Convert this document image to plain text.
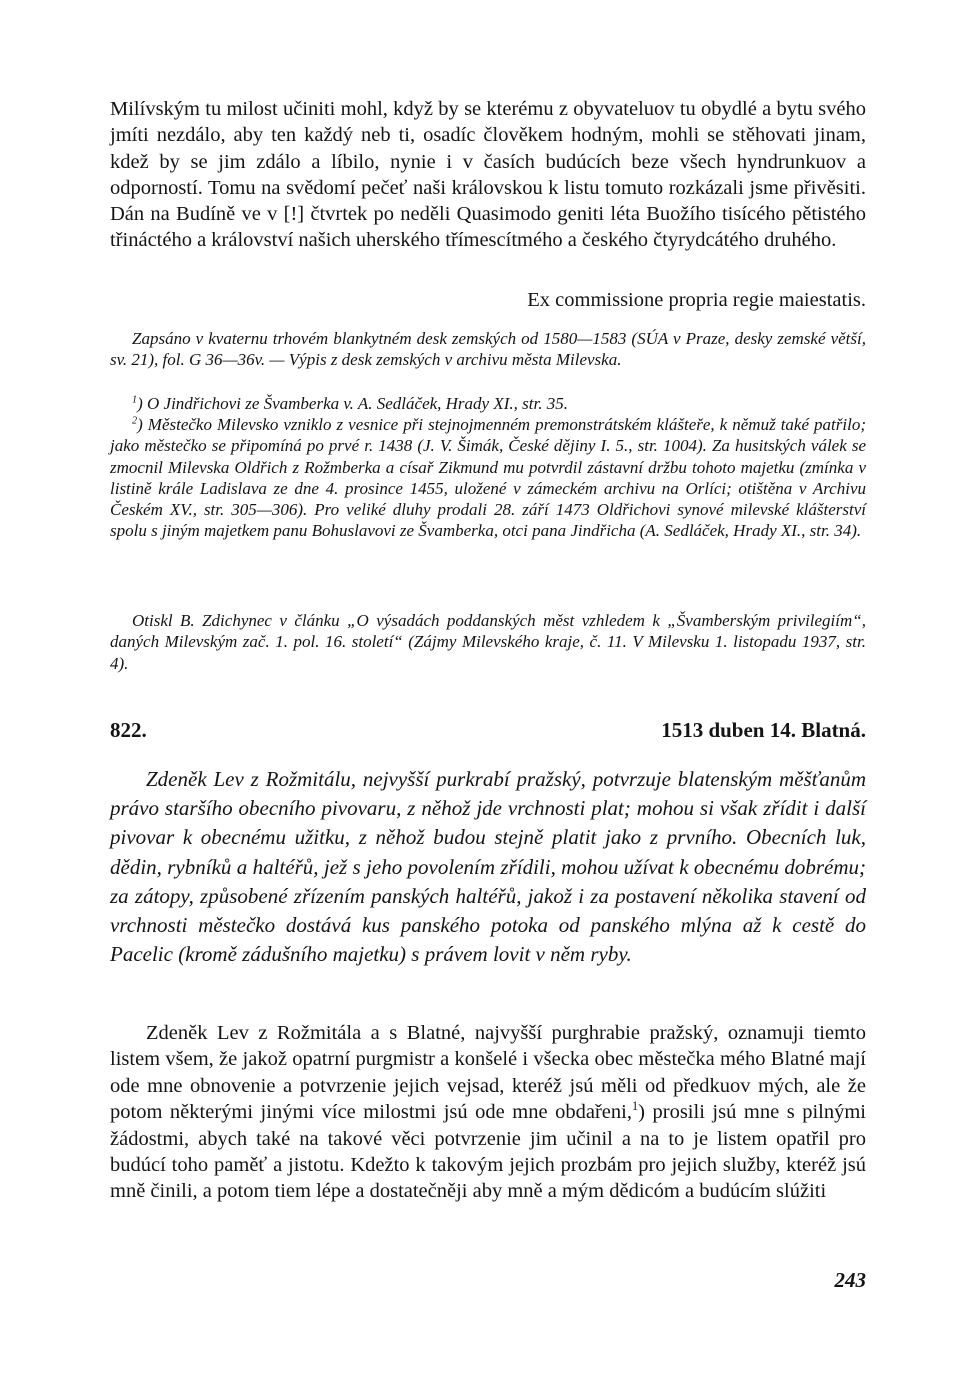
Milívským tu milost učiniti mohl, když by se kterému z obyvateluov tu obydlé a bytu svého jmíti nezdálo, aby ten každý neb ti, osadíc člověkem hodným, mohli se stěhovati jinam, kdež by se jim zdálo a líbilo, nynie i v časích budúcích beze všech hyndrunkuov a odporností. Tomu na svědomí pečeť naši královskou k listu tomuto rozkázali jsme přivěsiti. Dán na Budíně ve v [!] čtvrtek po neděli Quasimodo geniti léta Buožího tisícého pětistého třináctého a království našich uherského třímescítmého a českého čtyrydcátého druhého.
Ex commissione propria regie maiestatis.
Zapsáno v kvaternu trhovém blankytném desk zemských od 1580—1583 (SÚA v Praze, desky zemské větší, sv. 21), fol. G 36—36v. — Výpis z desk zemských v archivu města Milevska.
$^1$) O Jindřichovi ze Švamberka v. A. Sedláček, Hrady XI., str. 35.
$^2$) Městečko Milevsko vzniklo z vesnice při stejnojmenném premonstrátském klášteře, k němuž také patřilo; jako městečko se připomíná po prvé r. 1438 (J. V. Šimák, České dějiny I. 5., str. 1004). Za husitských válek se zmocnil Milevska Oldřich z Rožmberka a císař Zikmund mu potvrdil zástavní držbu tohoto majetku (zmínka v listině krále Ladislava ze dne 4. prosince 1455, uložené v zámeckém archivu na Orlíci; otištěna v Archivu Českém XV., str. 305—306). Pro veliké dluhy prodali 28. září 1473 Oldřichovi synové milevské klášterství spolu s jiným majetkem panu Bohuslavovi ze Švamberka, otci pana Jindřicha (A. Sedláček, Hrady XI., str. 34).
Otiskl B. Zdichynec v článku „O výsadách poddanských měst vzhledem k „Švamberským privilegiím“, daných Milevským zač. 1. pol. 16. století“ (Zájmy Milevského kraje, č. 11. V Milevsku 1. listopadu 1937, str. 4).
822.	1513 duben 14. Blatná.
Zdeněk Lev z Rožmitálu, nejvyšší purkrabí pražský, potvrzuje blatenským měšťanům právo staršího obecního pivovaru, z něhož jde vrchnosti plat; mohou si však zřídit i další pivovar k obecnému užitku, z něhož budou stejně platit jako z prvního. Obecních luk, dědin, rybníků a haltéřů, jež s jeho povolením zřídili, mohou užívat k obecnému dobrému; za zátopy, způsobené zřízením panských haltéřů, jakož i za postavení několika stavení od vrchnosti městečko dostává kus panského potoka od panského mlýna až k cestě do Pacelic (kromě zádušního majetku) s právem lovit v něm ryby.
Zdeněk Lev z Rožmitála a s Blatné, najvyšší purghrabie pražský, oznamuji tiemto listem všem, že jakož opatrní purgmistr a konšelé i všecka obec městečka mého Blatné mají ode mne obnovenie a potvrzenie jejich vejsad, kteréž jsú měli od předkuov mých, ale že potom některými jinými více milostmi jsú ode mne obdařeni,$^1$) prosili jsú mne s pilnými žádostmi, abych také na takové věci potvrzenie jim učinil a na to je listem opatřil pro budúcí toho paměť a jistotu. Kdežto k takovým jejich prozbám pro jejich služby, kteréž jsú mně činili, a potom tiem lépe a dostatečněji aby mně a mým dědicóm a budúcím slúžiti
243
